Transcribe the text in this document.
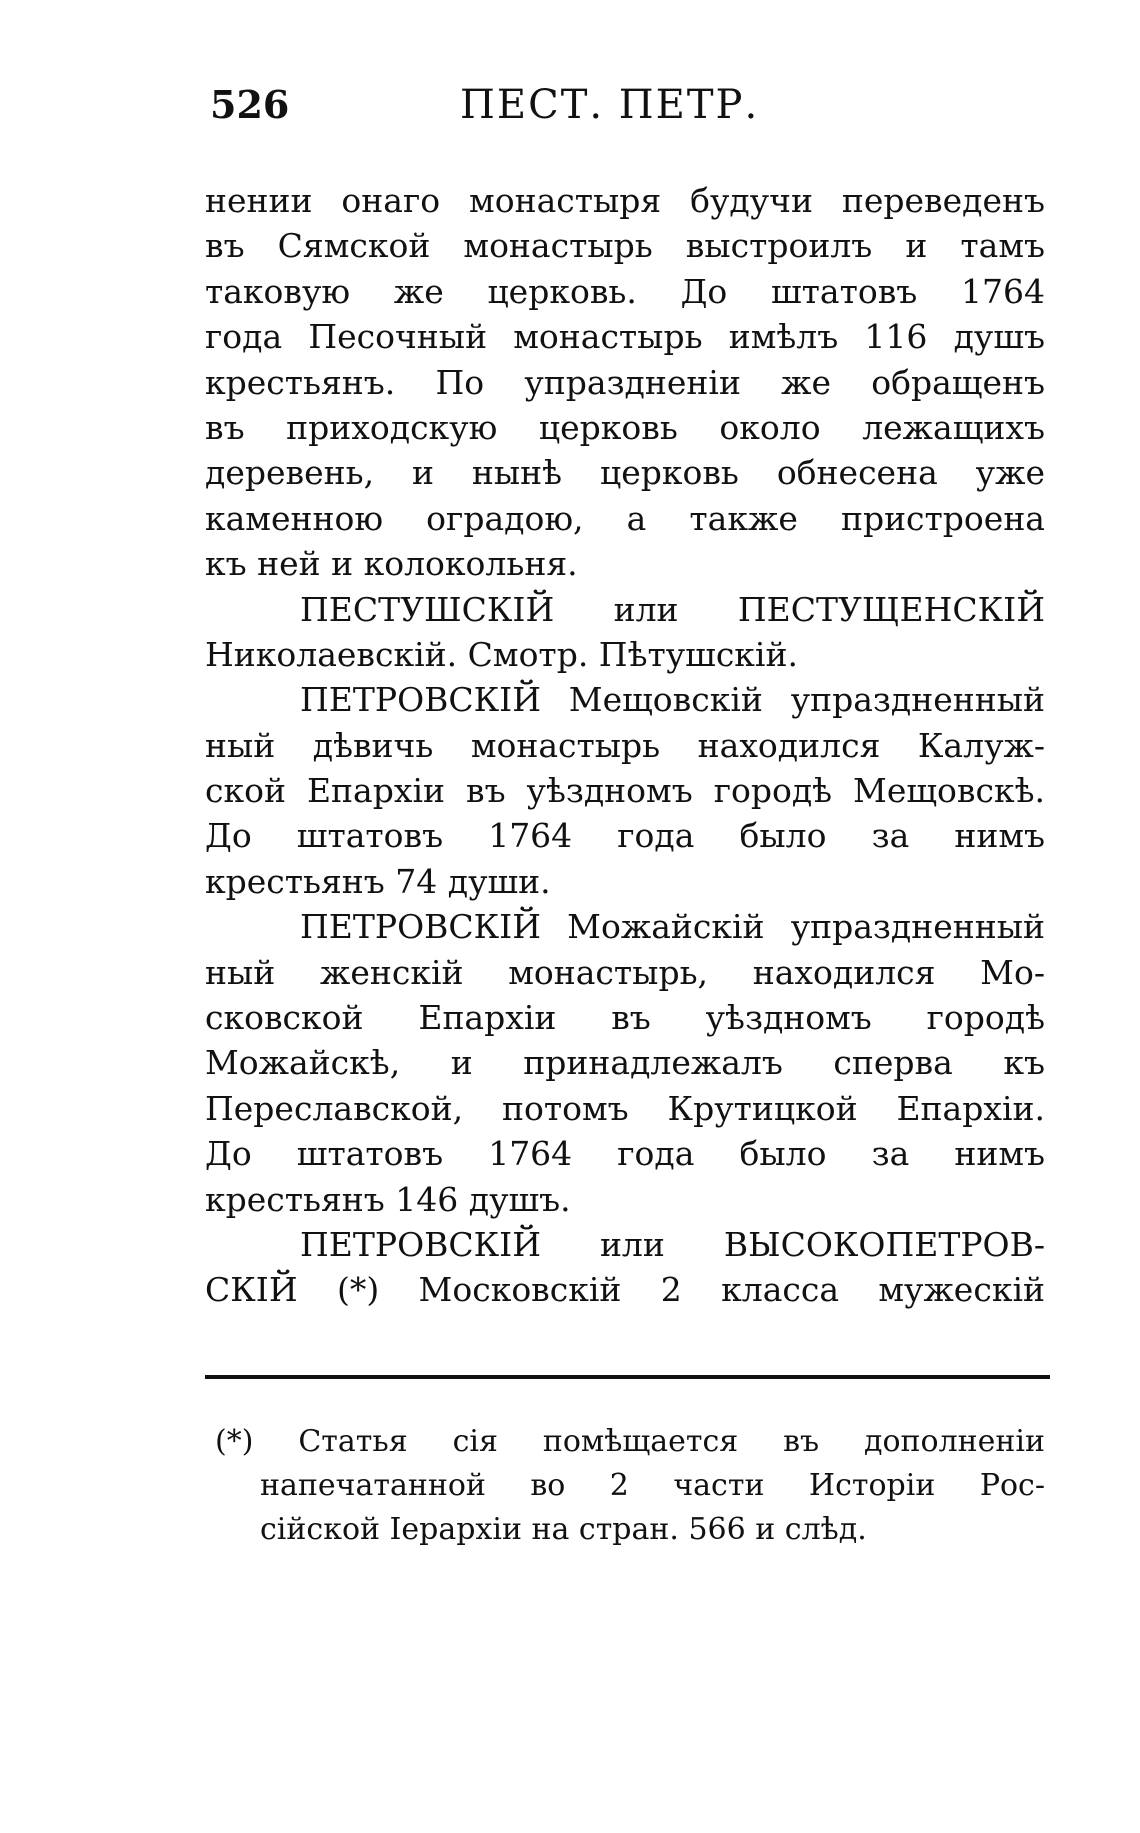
526	ПЕСТ. ПЕТР.
нении онаго монастыря будучи переведенъ
въ Сямской монастырь выстроилъ и тамъ
таковую же церковь. До штатовъ 1764
года Песочный монастырь имѣлъ 116 душъ
крестьянъ. По упраздненіи же обращенъ
въ приходскую церковь около лежащихъ
деревень, и нынѣ церковь обнесена уже
каменною оградою, а также пристроена
къ ней и колокольня.
ПЕСТУШСКІЙ или ПЕСТУЩЕНСКІЙ
Николаевскій. Смотр. Пѣтушскій.
ПЕТРОВСКІЙ Мещовскій упраздненный
ный дѣвичь монастырь находился Калуж-
ской Епархіи въ уѣздномъ городѣ Мещовскѣ.
До штатовъ 1764 года было за нимъ
крестьянъ 74 души.
ПЕТРОВСКІЙ Можайскій упраздненный
ный женскій монастырь, находился Мо-
сковской Епархіи въ уѣздномъ городѣ
Можайскѣ, и принадлежалъ сперва къ
Переславской, потомъ Крутицкой Епархіи.
До штатовъ 1764 года было за нимъ
крестьянъ 146 душъ.
ПЕТРОВСКІЙ или ВЫСОКОПЕТРОВ-
СКІЙ (*) Московскій 2 класса мужескій
(*) Статья сія помѣщается въ дополненіи
напечатанной во 2 части Исторіи Рос-
сійской Іерархіи на стран. 566 и слѣд.
